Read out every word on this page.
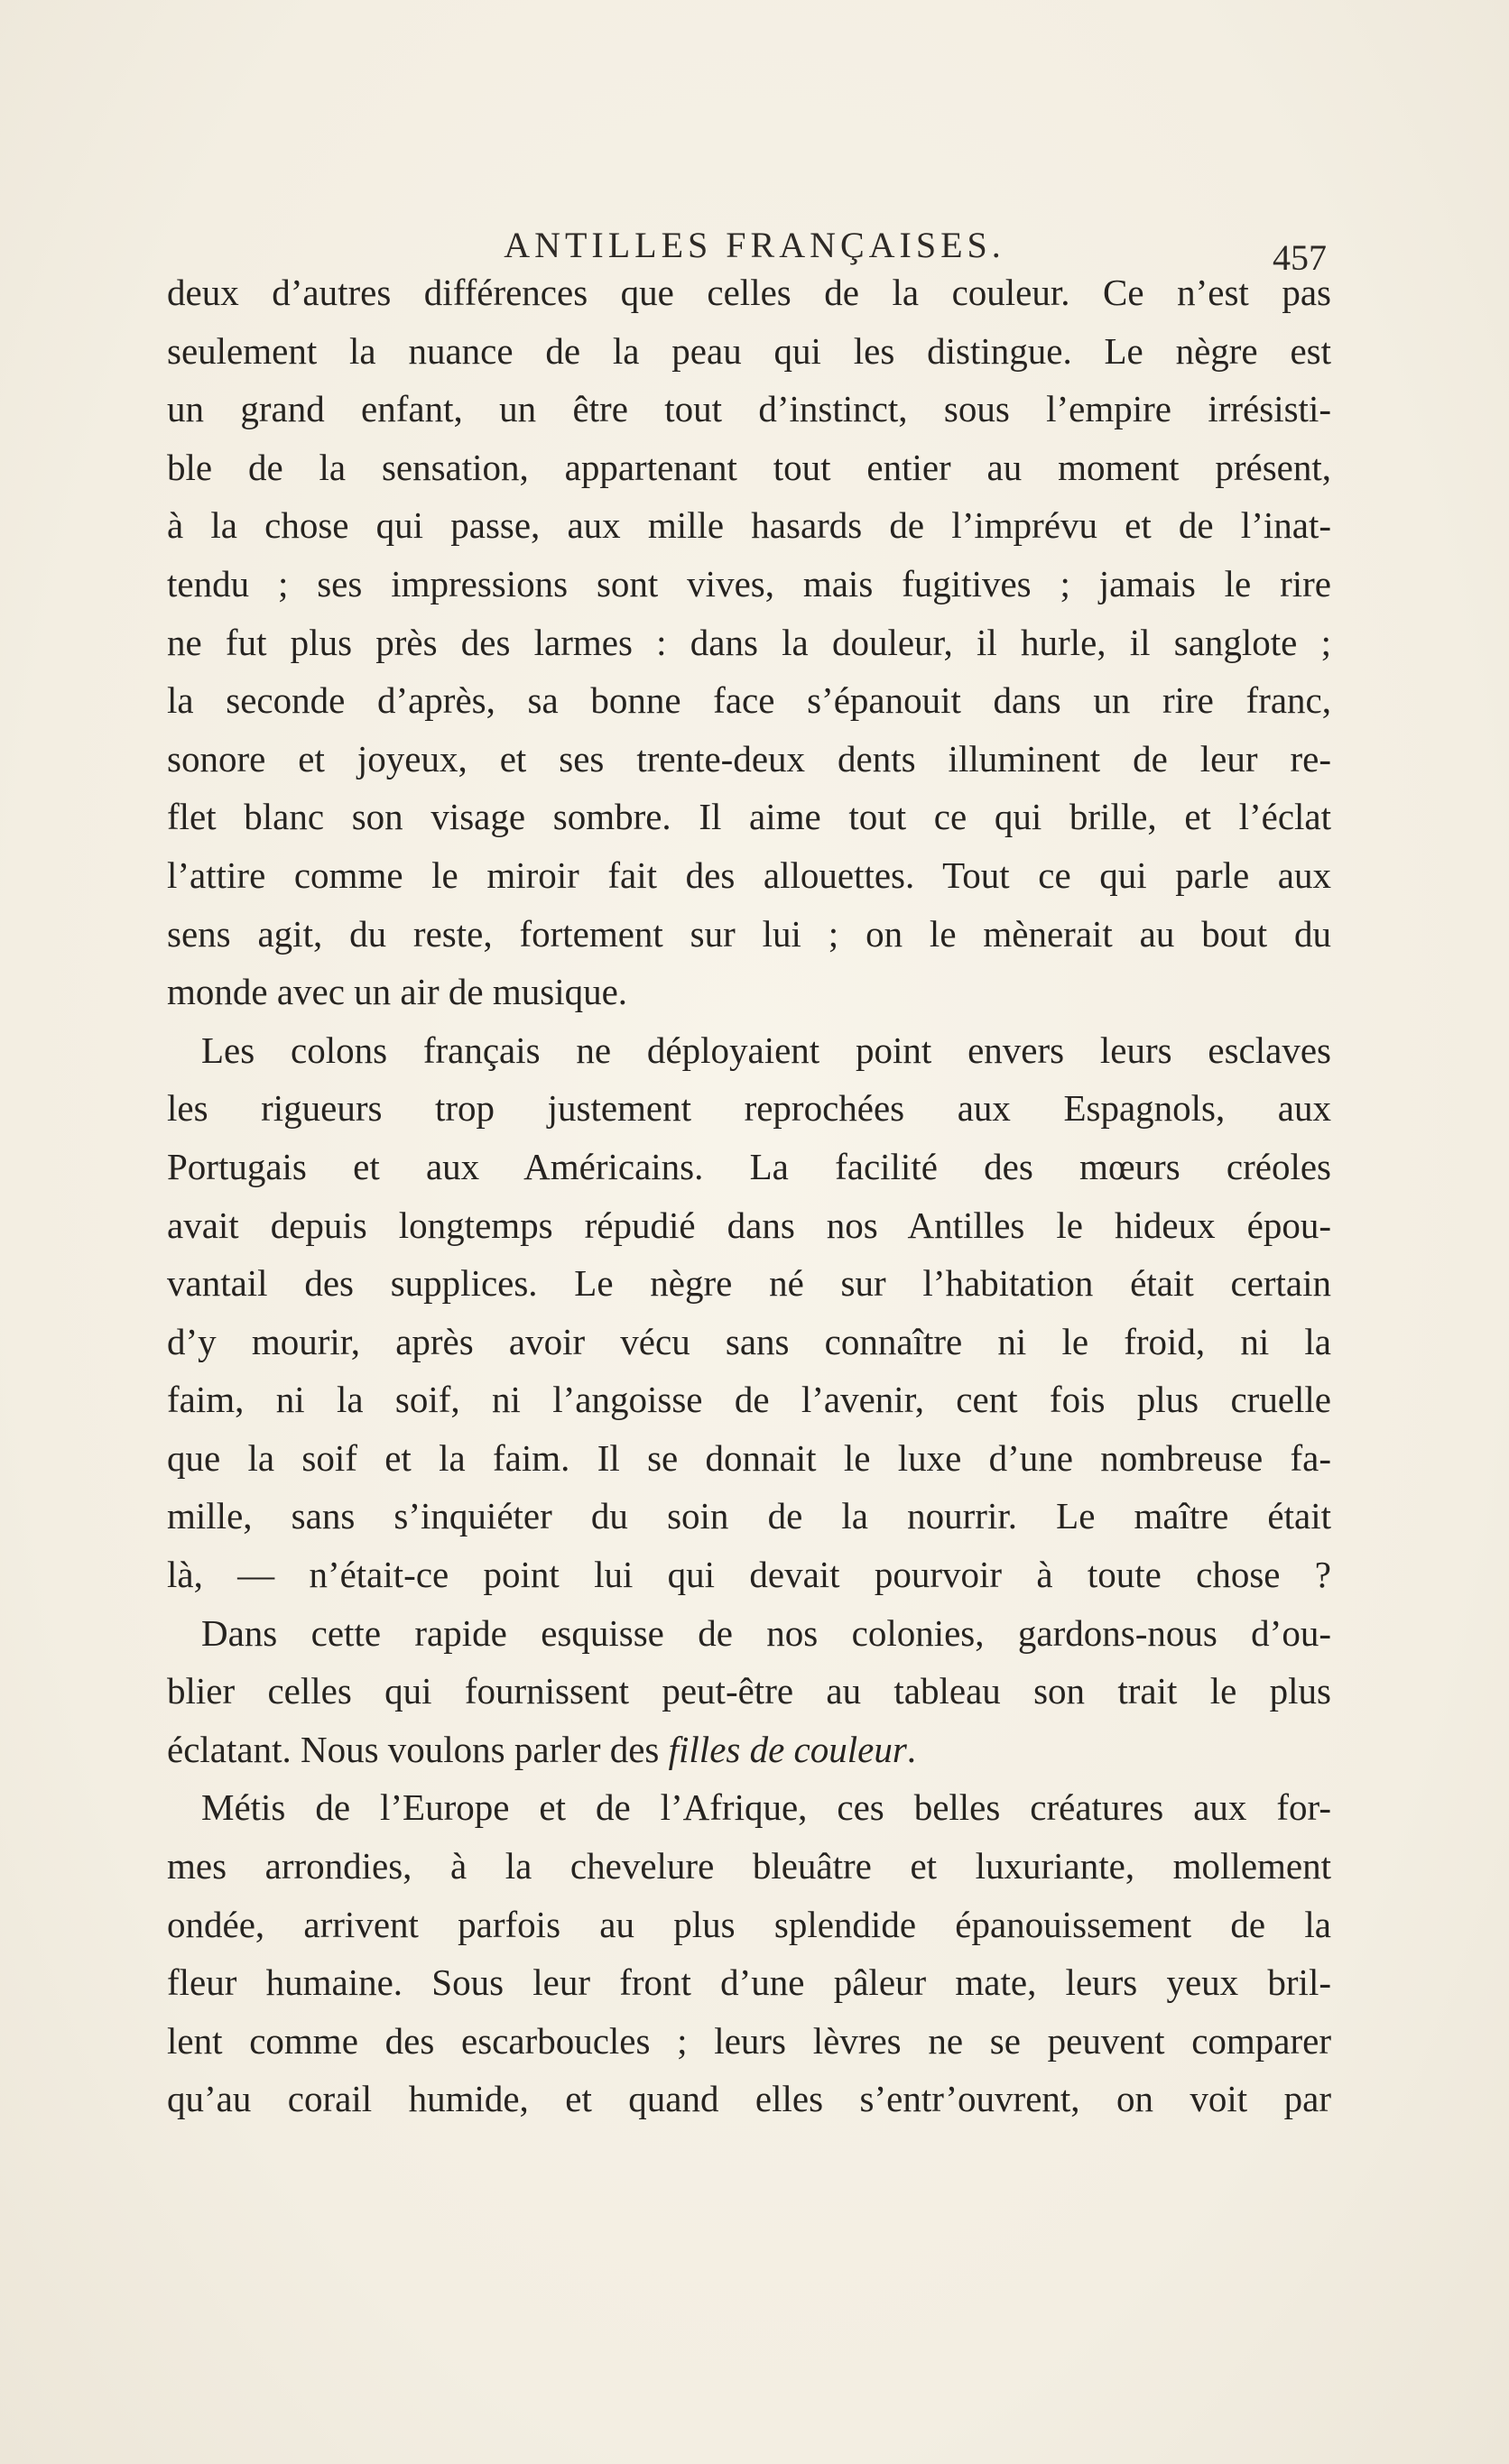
ANTILLES FRANÇAISES.	457
deux d’autres différences que celles de la couleur. Ce n’est pas
seulement la nuance de la peau qui les distingue. Le nègre est
un grand enfant, un être tout d’instinct, sous l’empire irrésisti-
ble de la sensation, appartenant tout entier au moment présent,
à la chose qui passe, aux mille hasards de l’imprévu et de l’inat-
tendu ; ses impressions sont vives, mais fugitives ; jamais le rire
ne fut plus près des larmes : dans la douleur, il hurle, il sanglote ;
la seconde d’après, sa bonne face s’épanouit dans un rire franc,
sonore et joyeux, et ses trente-deux dents illuminent de leur re-
flet blanc son visage sombre. Il aime tout ce qui brille, et l’éclat
l’attire comme le miroir fait des allouettes. Tout ce qui parle aux
sens agit, du reste, fortement sur lui ; on le mènerait au bout du
monde avec un air de musique.
Les colons français ne déployaient point envers leurs esclaves
les rigueurs trop justement reprochées aux Espagnols, aux
Portugais et aux Américains. La facilité des mœurs créoles
avait depuis longtemps répudié dans nos Antilles le hideux épou-
vantail des supplices. Le nègre né sur l’habitation était certain
d’y mourir, après avoir vécu sans connaître ni le froid, ni la
faim, ni la soif, ni l’angoisse de l’avenir, cent fois plus cruelle
que la soif et la faim. Il se donnait le luxe d’une nombreuse fa-
mille, sans s’inquiéter du soin de la nourrir. Le maître était
là, — n’était-ce point lui qui devait pourvoir à toute chose ?
Dans cette rapide esquisse de nos colonies, gardons-nous d’ou-
blier celles qui fournissent peut-être au tableau son trait le plus
éclatant. Nous voulons parler des filles de couleur.
Métis de l’Europe et de l’Afrique, ces belles créatures aux for-
mes arrondies, à la chevelure bleuâtre et luxuriante, mollement
ondée, arrivent parfois au plus splendide épanouissement de la
fleur humaine. Sous leur front d’une pâleur mate, leurs yeux bril-
lent comme des escarboucles ; leurs lèvres ne se peuvent comparer
qu’au corail humide, et quand elles s’entr’ouvrent, on voit par
